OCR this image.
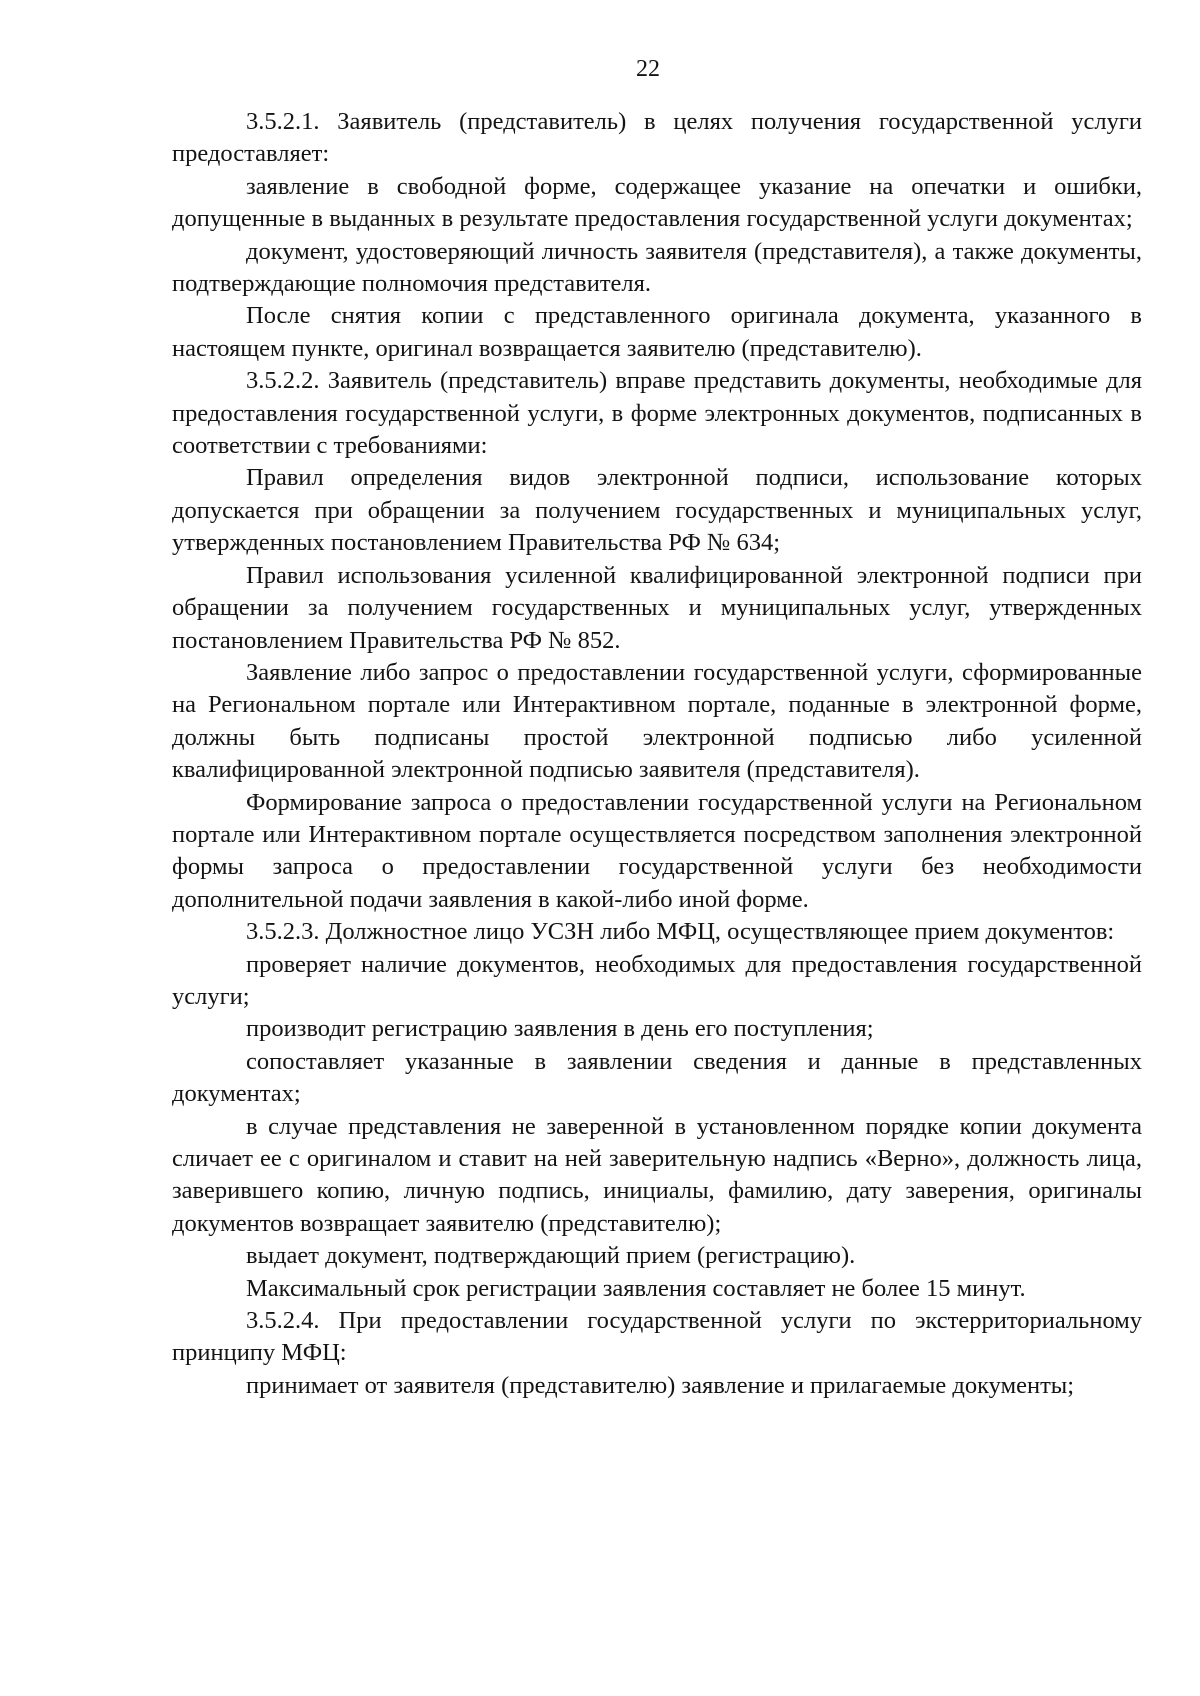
22

3.5.2.1. Заявитель (представитель) в целях получения государственной услуги предоставляет:

заявление в свободной форме, содержащее указание на опечатки и ошибки, допущенные в выданных в результате предоставления государственной услуги документах;

документ, удостоверяющий личность заявителя (представителя), а также документы, подтверждающие полномочия представителя.

После снятия копии с представленного оригинала документа, указанного в настоящем пункте, оригинал возвращается заявителю (представителю).

3.5.2.2. Заявитель (представитель) вправе представить документы, необходимые для предоставления государственной услуги, в форме электронных документов, подписанных в соответствии с требованиями:

Правил определения видов электронной подписи, использование которых допускается при обращении за получением государственных и муниципальных услуг, утвержденных постановлением Правительства РФ № 634;

Правил использования усиленной квалифицированной электронной подписи при обращении за получением государственных и муниципальных услуг, утвержденных постановлением Правительства РФ № 852.

Заявление либо запрос о предоставлении государственной услуги, сформированные на Региональном портале или Интерактивном портале, поданные в электронной форме, должны быть подписаны простой электронной подписью либо усиленной квалифицированной электронной подписью заявителя (представителя).

Формирование запроса о предоставлении государственной услуги на Региональном портале или Интерактивном портале осуществляется посредством заполнения электронной формы запроса о предоставлении государственной услуги без необходимости дополнительной подачи заявления в какой-либо иной форме.

3.5.2.3. Должностное лицо УСЗН либо МФЦ, осуществляющее прием документов:

проверяет наличие документов, необходимых для предоставления государственной услуги;

производит регистрацию заявления в день его поступления;

сопоставляет указанные в заявлении сведения и данные в представленных документах;

в случае представления не заверенной в установленном порядке копии документа сличает ее с оригиналом и ставит на ней заверительную надпись «Верно», должность лица, заверившего копию, личную подпись, инициалы, фамилию, дату заверения, оригиналы документов возвращает заявителю (представителю);

выдает документ, подтверждающий прием (регистрацию).

Максимальный срок регистрации заявления составляет не более 15 минут.

3.5.2.4. При предоставлении государственной услуги по экстерриториальному принципу МФЦ:

принимает от заявителя (представителю) заявление и прилагаемые документы;
